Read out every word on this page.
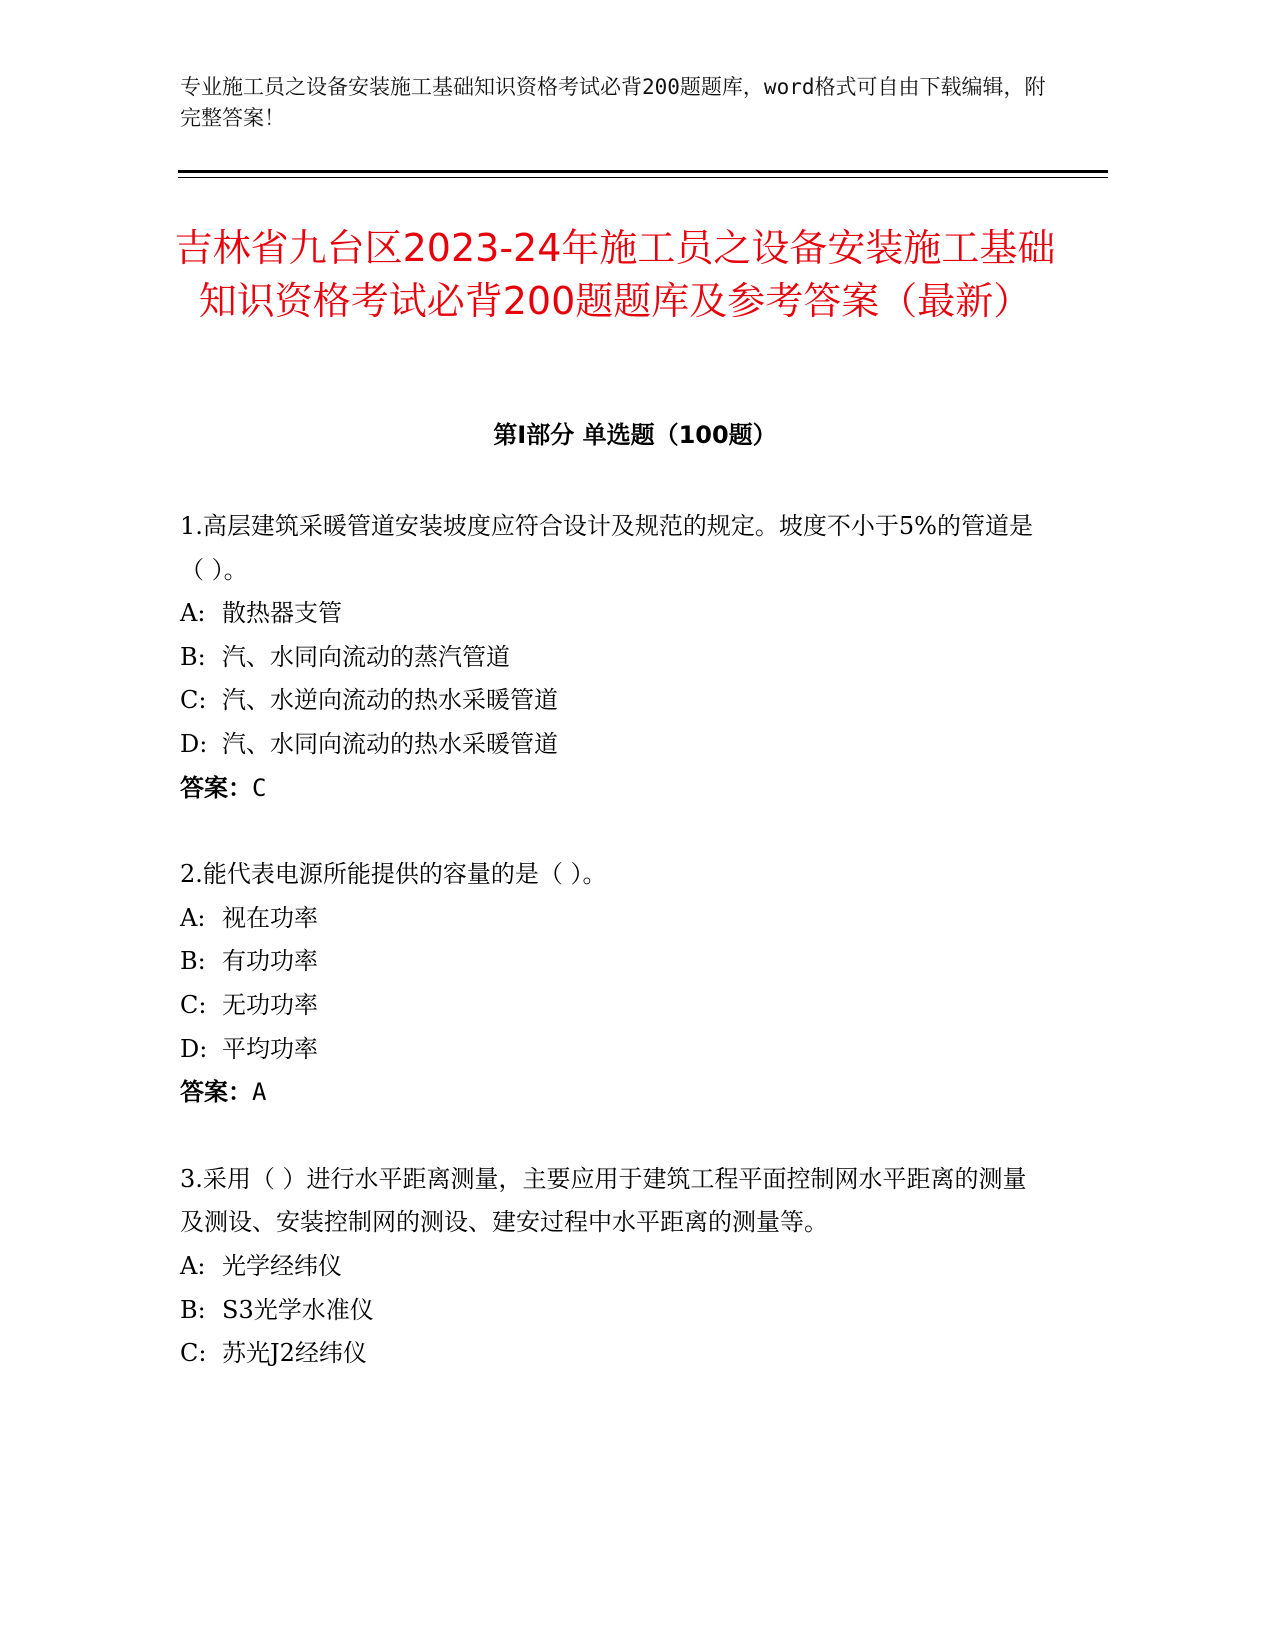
专业施工员之设备安装施工基础知识资格考试必背200题题库，word格式可自由下载编辑，附完整答案！
吉林省九台区2023-24年施工员之设备安装施工基础知识资格考试必背200题题库及参考答案（最新）
第Ⅰ部分 单选题（100题）

1.高层建筑采暖管道安装坡度应符合设计及规范的规定。坡度不小于5%的管道是（ ）。

A: 散热器支管

B: 汽、水同向流动的蒸汽管道

C: 汽、水逆向流动的热水采暖管道

D: 汽、水同向流动的热水采暖管道

答案：C

2.能代表电源所能提供的容量的是（ ）。

A: 视在功率

B: 有功功率

C: 无功功率

D: 平均功率

答案：A

3.采用（ ）进行水平距离测量，主要应用于建筑工程平面控制网水平距离的测量及测设、安装控制网的测设、建安过程中水平距离的测量等。

A: 光学经纬仪

B: S3光学水准仪

C: 苏光J2经纬仪
